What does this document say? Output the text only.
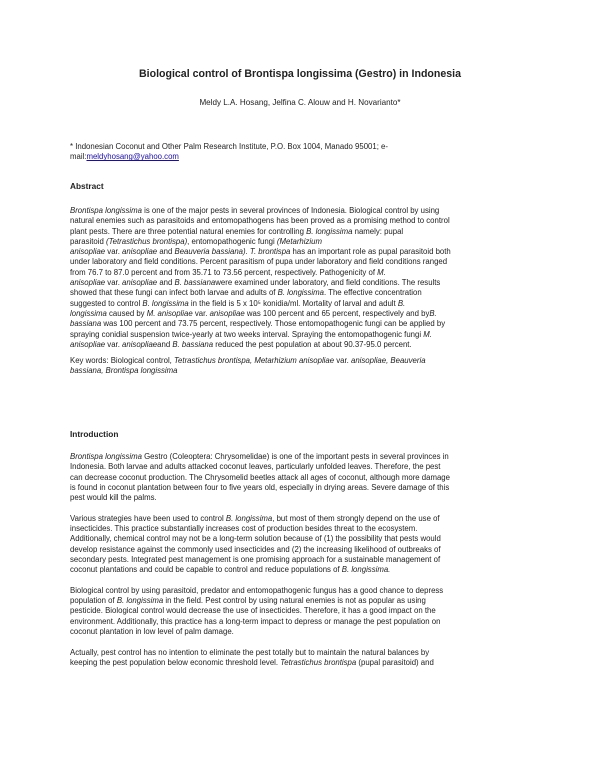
Biological control of Brontispa longissima (Gestro) in Indonesia
Meldy L.A. Hosang, Jelfina C. Alouw and H. Novarianto*
* Indonesian Coconut and Other Palm Research Institute, P.O. Box 1004, Manado 95001; e-
mail:meldyhosang@yahoo.com
Abstract
Brontispa longissima is one of the major pests in several provinces of Indonesia. Biological control by using
natural enemies such as parasitoids and entomopathogens has been proved as a promising method to control
plant pests. There are three potential natural enemies for controlling B. longissima namely: pupal
parasitoid (Tetrastichus brontispa), entomopathogenic fungi (Metarhizium
anisopliae var. anisopliae and Beauveria bassiana). T. brontispa has an important role as pupal parasitoid both
under laboratory and field conditions. Percent parasitism of pupa under laboratory and field conditions ranged
from 76.7 to 87.0 percent and from 35.71 to 73.56 percent, respectively. Pathogenicity of M.
anisopliae var. anisopliae and B. bassianawere examined under laboratory, and field conditions. The results
showed that these fungi can infect both larvae and adults of B. longissima. The effective concentration
suggested to control B. longissima in the field is 5 x 10⁵ konidia/ml. Mortality of larval and adult B.
longissima caused by M. anisopliae var. anisopliae was 100 percent and 65 percent, respectively and byB.
bassiana was 100 percent and 73.75 percent, respectively. Those entomopathogenic fungi can be applied by
spraying conidial suspension twice-yearly at two weeks interval. Spraying the entomopathogenic fungi M.
anisopliae var. anisopliaeand B. bassiana reduced the pest population at about 90.37-95.0 percent.
Key words: Biological control, Tetrastichus brontispa, Metarhizium anisopliae var. anisopliae, Beauveria
bassiana, Brontispa longissima
Introduction
Brontispa longissima Gestro (Coleoptera: Chrysomelidae) is one of the important pests in several provinces in
Indonesia. Both larvae and adults attacked coconut leaves, particularly unfolded leaves. Therefore, the pest
can decrease coconut production. The Chrysomelid beetles attack all ages of coconut, although more damage
is found in coconut plantation between four to five years old, especially in drying areas. Severe damage of this
pest would kill the palms.
Various strategies have been used to control B. longissima, but most of them strongly depend on the use of
insecticides. This practice substantially increases cost of production besides threat to the ecosystem.
Additionally, chemical control may not be a long-term solution because of (1) the possibility that pests would
develop resistance against the commonly used insecticides and (2) the increasing likelihood of outbreaks of
secondary pests. Integrated pest management is one promising approach for a sustainable management of
coconut plantations and could be capable to control and reduce populations of B. longissima.
Biological control by using parasitoid, predator and entomopathogenic fungus has a good chance to depress
population of B. longissima in the field. Pest control by using natural enemies is not as popular as using
pesticide. Biological control would decrease the use of insecticides. Therefore, it has a good impact on the
environment. Additionally, this practice has a long-term impact to depress or manage the pest population on
coconut plantation in low level of palm damage.
Actually, pest control has no intention to eliminate the pest totally but to maintain the natural balances by
keeping the pest population below economic threshold level. Tetrastichus brontispa (pupal parasitoid) and
